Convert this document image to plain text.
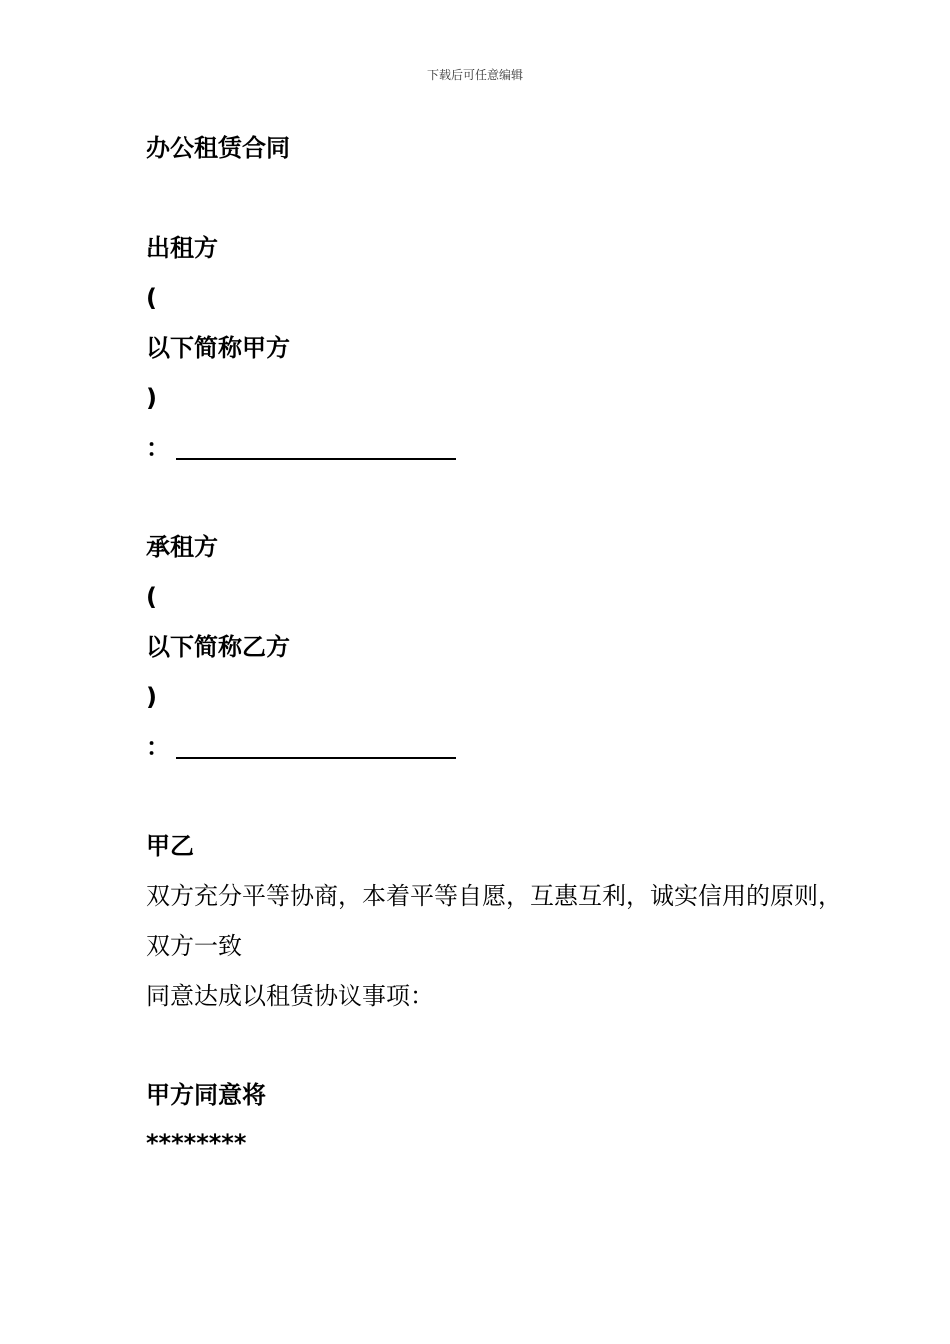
下载后可任意编辑
办公租赁合同
出租方
(
以下简称甲方
)
：
承租方
(
以下简称乙方
)
：
甲乙
双方充分平等协商，本着平等自愿，互惠互利，诚实信用的原则，
双方一致
同意达成以租赁协议事项：
甲方同意将
********
